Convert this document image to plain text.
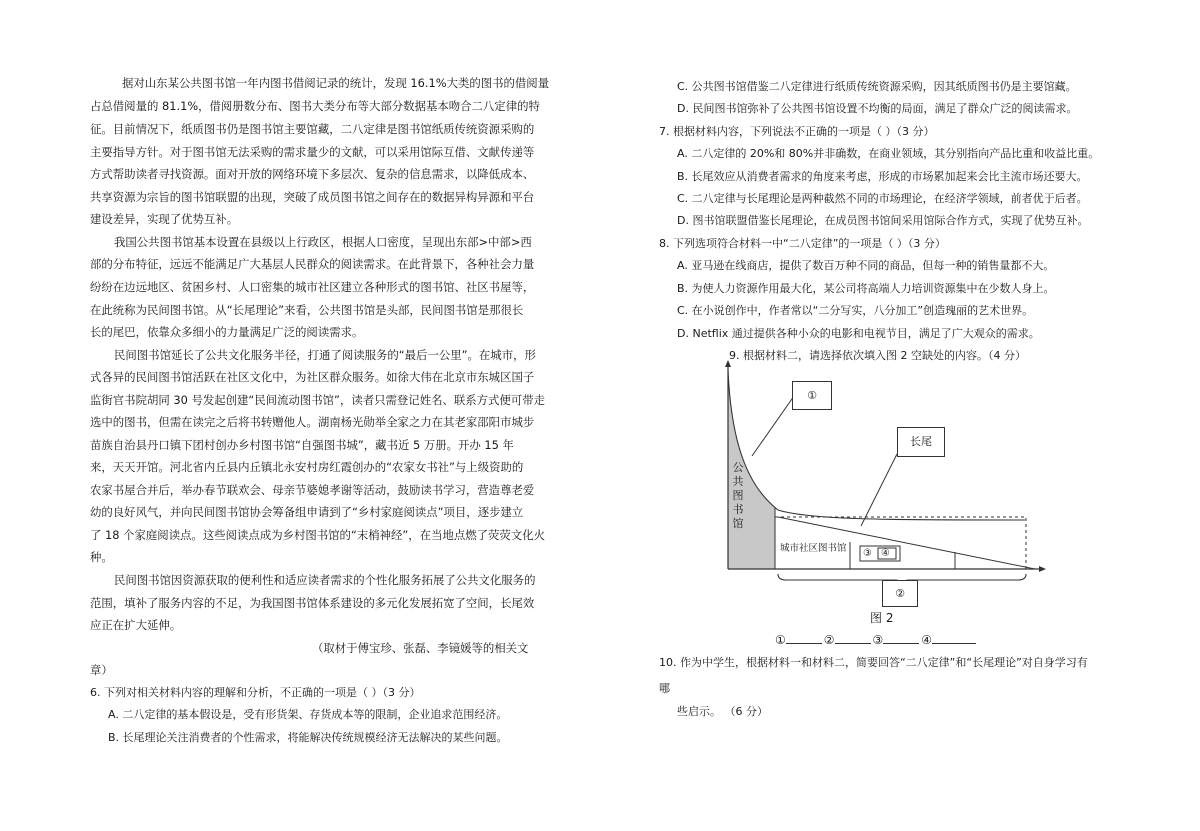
据对山东某公共图书馆一年内图书借阅记录的统计，发现 16.1%大类的图书的借阅量
占总借阅量的 81.1%，借阅册数分布、图书大类分布等大部分数据基本吻合二八定律的特
征。目前情况下，纸质图书仍是图书馆主要馆藏，二八定律是图书馆纸质传统资源采购的
主要指导方针。对于图书馆无法采购的需求量少的文献，可以采用馆际互借、文献传递等
方式帮助读者寻找资源。面对开放的网络环境下多层次、复杂的信息需求，以降低成本、
共享资源为宗旨的图书馆联盟的出现，突破了成员图书馆之间存在的数据异构异源和平台
建设差异，实现了优势互补。
我国公共图书馆基本设置在县级以上行政区，根据人口密度，呈现出东部>中部>西
部的分布特征，远远不能满足广大基层人民群众的阅读需求。在此背景下，各种社会力量
纷纷在边远地区、贫困乡村、人口密集的城市社区建立各种形式的图书馆、社区书屋等，
在此统称为民间图书馆。从“长尾理论”来看，公共图书馆是头部，民间图书馆是那很长
长的尾巴，依靠众多细小的力量满足广泛的阅读需求。
民间图书馆延长了公共文化服务半径，打通了阅读服务的“最后一公里”。在城市，形
式各异的民间图书馆活跃在社区文化中，为社区群众服务。如徐大伟在北京市东城区国子
监街官书院胡同 30 号发起创建“民间流动图书馆”，读者只需登记姓名、联系方式便可带走
选中的图书，但需在读完之后将书转赠他人。湖南杨光勋举全家之力在其老家邵阳市城步
苗族自治县丹口镇下团村创办乡村图书馆“自强图书城”，藏书近 5 万册。开办 15 年
来，天天开馆。河北省内丘县内丘镇北永安村房红霞创办的“农家女书社”与上级资助的
农家书屋合并后，举办春节联欢会、母亲节婆媳孝谢等活动，鼓励读书学习，营造尊老爱
幼的良好风气，并向民间图书馆协会筹备组申请到了“乡村家庭阅读点”项目，逐步建立
了 18 个家庭阅读点。这些阅读点成为乡村图书馆的“末梢神经”，在当地点燃了荧荧文化火
种。
民间图书馆因资源获取的便利性和适应读者需求的个性化服务拓展了公共文化服务的
范围，填补了服务内容的不足，为我国图书馆体系建设的多元化发展拓宽了空间，长尾效
应正在扩大延伸。
（取材于傅宝珍、张磊、李镜媛等的相关文
章）
6. 下列对相关材料内容的理解和分析，不正确的一项是（ ）（3 分）
A. 二八定律的基本假设是，受有形货架、存货成本等的限制，企业追求范围经济。
B. 长尾理论关注消费者的个性需求，将能解决传统规模经济无法解决的某些问题。
C. 公共图书馆借鉴二八定律进行纸质传统资源采购，因其纸质图书仍是主要馆藏。
D. 民间图书馆弥补了公共图书馆设置不均衡的局面，满足了群众广泛的阅读需求。
7. 根据材料内容，下列说法不正确的一项是（ ）（3 分）
A. 二八定律的 20%和 80%并非确数，在商业领域，其分别指向产品比重和收益比重。
B. 长尾效应从消费者需求的角度来考虑，形成的市场累加起来会比主流市场还要大。
C. 二八定律与长尾理论是两种截然不同的市场理论，在经济学领域，前者优于后者。
D. 图书馆联盟借鉴长尾理论，在成员图书馆间采用馆际合作方式，实现了优势互补。
8. 下列选项符合材料一中“二八定律”的一项是（ ）（3 分）
A. 亚马逊在线商店，提供了数百万种不同的商品，但每一种的销售量都不大。
B. 为使人力资源作用最大化，某公司将高端人力培训资源集中在少数人身上。
C. 在小说创作中，作者常以“二分写实，八分加工”创造瑰丽的艺术世界。
D. Netflix 通过提供各种小众的电影和电视节目，满足了广大观众的需求。
9. 根据材料二，请选择依次填入图 2 空缺处的内容。（4 分）
①
长尾
②
公
共
图
书
馆
城市社区图书馆 ③ ④
图 2
①	②	③	④
10. 作为中学生，根据材料一和材料二，简要回答“二八定律”和“长尾理论”对自身学习有
哪
些启示。 （6 分）
